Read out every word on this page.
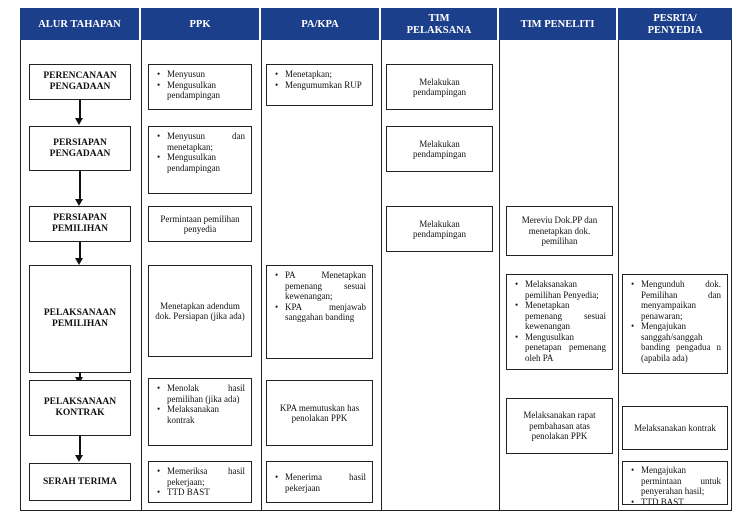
ALUR TAHAPAN	PPK	PA/KPA
TIM
PELAKSANA
TIM PENELITI
PESRTA/
PENYEDIA
PERENCANAAN PENGADAAN
PERSIAPAN PENGADAAN
PERSIAPAN PEMILIHAN
PELAKSANAAN PEMILIHAN
PELAKSANAAN KONTRAK
SERAH TERIMA
• Menyusun
• Mengusulkan pendampingan
• Menyusun dan menetapkan;
• Mengusulkan pendampingan
Permintaan pemilihan penyedia
Menetapkan adendum dok. Persiapan (jika ada)
• Menolak hasil pemilihan (jika ada)
• Melaksanakan kontrak
• Memeriksa hasil pekerjaan;
• TTD BAST
• Menetapkan;
• Mengumumkan RUP
• PA Menetapkan pemenang sesuai kewenangan;
• KPA menjawab sanggahan banding
KPA memutuskan has penolakan PPK
• Menerima hasil pekerjaan
Melakukan pendampingan
Melakukan pendampingan
Melakukan pendampingan
Mereviu Dok.PP dan menetapkan dok. pemilihan
• Melaksanakan pemilihan Penyedia;
• Menetapkan pemenang sesuai kewenangan
• Mengusulkan penetapan pemenang oleh PA
Melaksanakan rapat pembahasan atas penolakan PPK
• Mengunduh dok. Pemilihan dan menyampaikan penawaran;
• Mengajukan sanggah/sanggah banding pengadua n (apabila ada)
Melaksanakan kontrak
• Mengajukan permintaan untuk penyerahan hasil;
• TTD BAST
